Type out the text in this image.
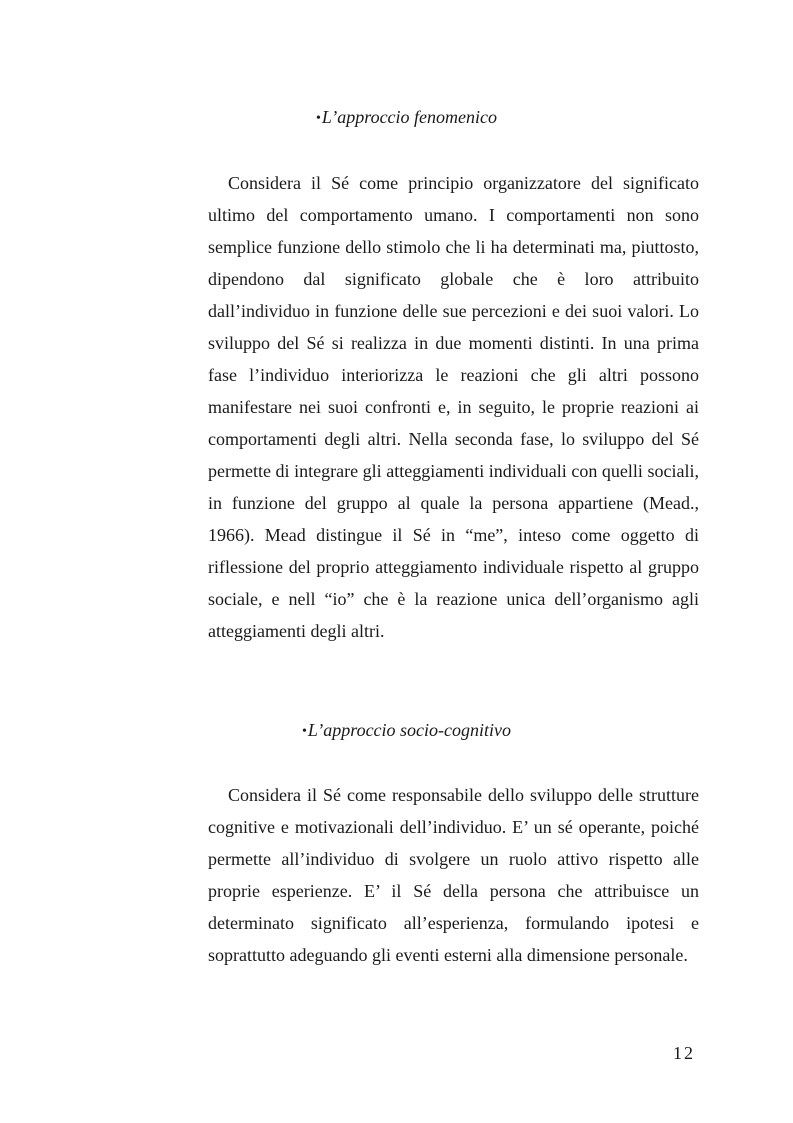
•L’approccio fenomenico

Considera il Sé come principio organizzatore del significato ultimo del comportamento umano. I comportamenti non sono semplice funzione dello stimolo che li ha determinati ma, piuttosto, dipendono dal significato globale che è loro attribuito dall’individuo in funzione delle sue percezioni e dei suoi valori. Lo sviluppo del Sé si realizza in due momenti distinti. In una prima fase l’individuo interiorizza le reazioni che gli altri possono manifestare nei suoi confronti e, in seguito, le proprie reazioni ai comportamenti degli altri. Nella seconda fase, lo sviluppo del Sé permette di integrare gli atteggiamenti individuali con quelli sociali, in funzione del gruppo al quale la persona appartiene (Mead., 1966). Mead distingue il Sé in “me”, inteso come oggetto di riflessione del proprio atteggiamento individuale rispetto al gruppo sociale, e nell “io” che è la reazione unica dell’organismo agli atteggiamenti degli altri.

•L’approccio socio-cognitivo

Considera il Sé come responsabile dello sviluppo delle strutture cognitive e motivazionali dell’individuo. E’ un sé operante, poiché permette all’individuo di svolgere un ruolo attivo rispetto alle proprie esperienze. E’ il Sé della persona che attribuisce un determinato significato all’esperienza, formulando ipotesi e soprattutto adeguando gli eventi esterni alla dimensione personale.

12
